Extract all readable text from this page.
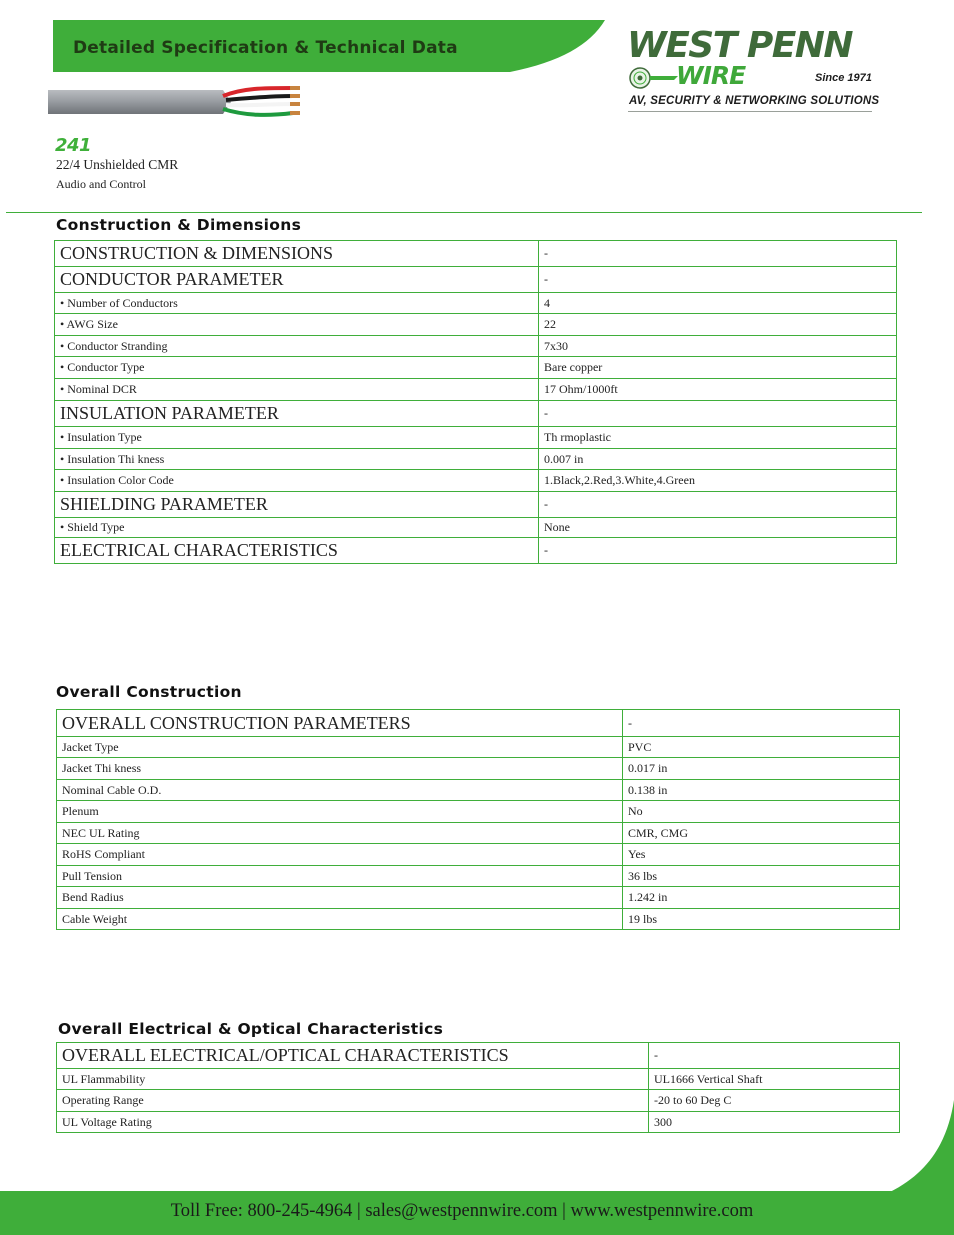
Detailed Specification & Technical Data	WEST PENN
WIRE	Since 1971
AV, SECURITY & NETWORKING SOLUTIONS
241
22/4 Unshielded CMR
Audio and Control
Construction & Dimensions
CONSTRUCTION & DIMENSIONS	-
CONDUCTOR PARAMETER	-
• Number of Conductors	4
• AWG Size	22
• Conductor Stranding	7x30
• Conductor Type	Bare copper
• Nominal DCR	17 Ohm/1000ft
INSULATION PARAMETER	-
• Insulation Type	Th rmoplastic
• Insulation Thi kness	0.007 in
• Insulation Color Code	1.Black,2.Red,3.White,4.Green
SHIELDING PARAMETER	-
• Shield Type	None
ELECTRICAL CHARACTERISTICS	-
Overall Construction
OVERALL CONSTRUCTION PARAMETERS	-
Jacket Type	PVC
Jacket Thi kness	0.017 in
Nominal Cable O.D.	0.138 in
Plenum	No
NEC UL Rating	CMR, CMG
RoHS Compliant	Yes
Pull Tension	36 lbs
Bend Radius	1.242 in
Cable Weight	19 lbs
Overall Electrical & Optical Characteristics
OVERALL ELECTRICAL/OPTICAL CHARACTERISTICS	-
UL Flammability	UL1666 Vertical Shaft
Operating Range	-20 to 60 Deg C
UL Voltage Rating	300
Toll Free: 800-245-4964 | sales@westpennwire.com | www.westpennwire.com
